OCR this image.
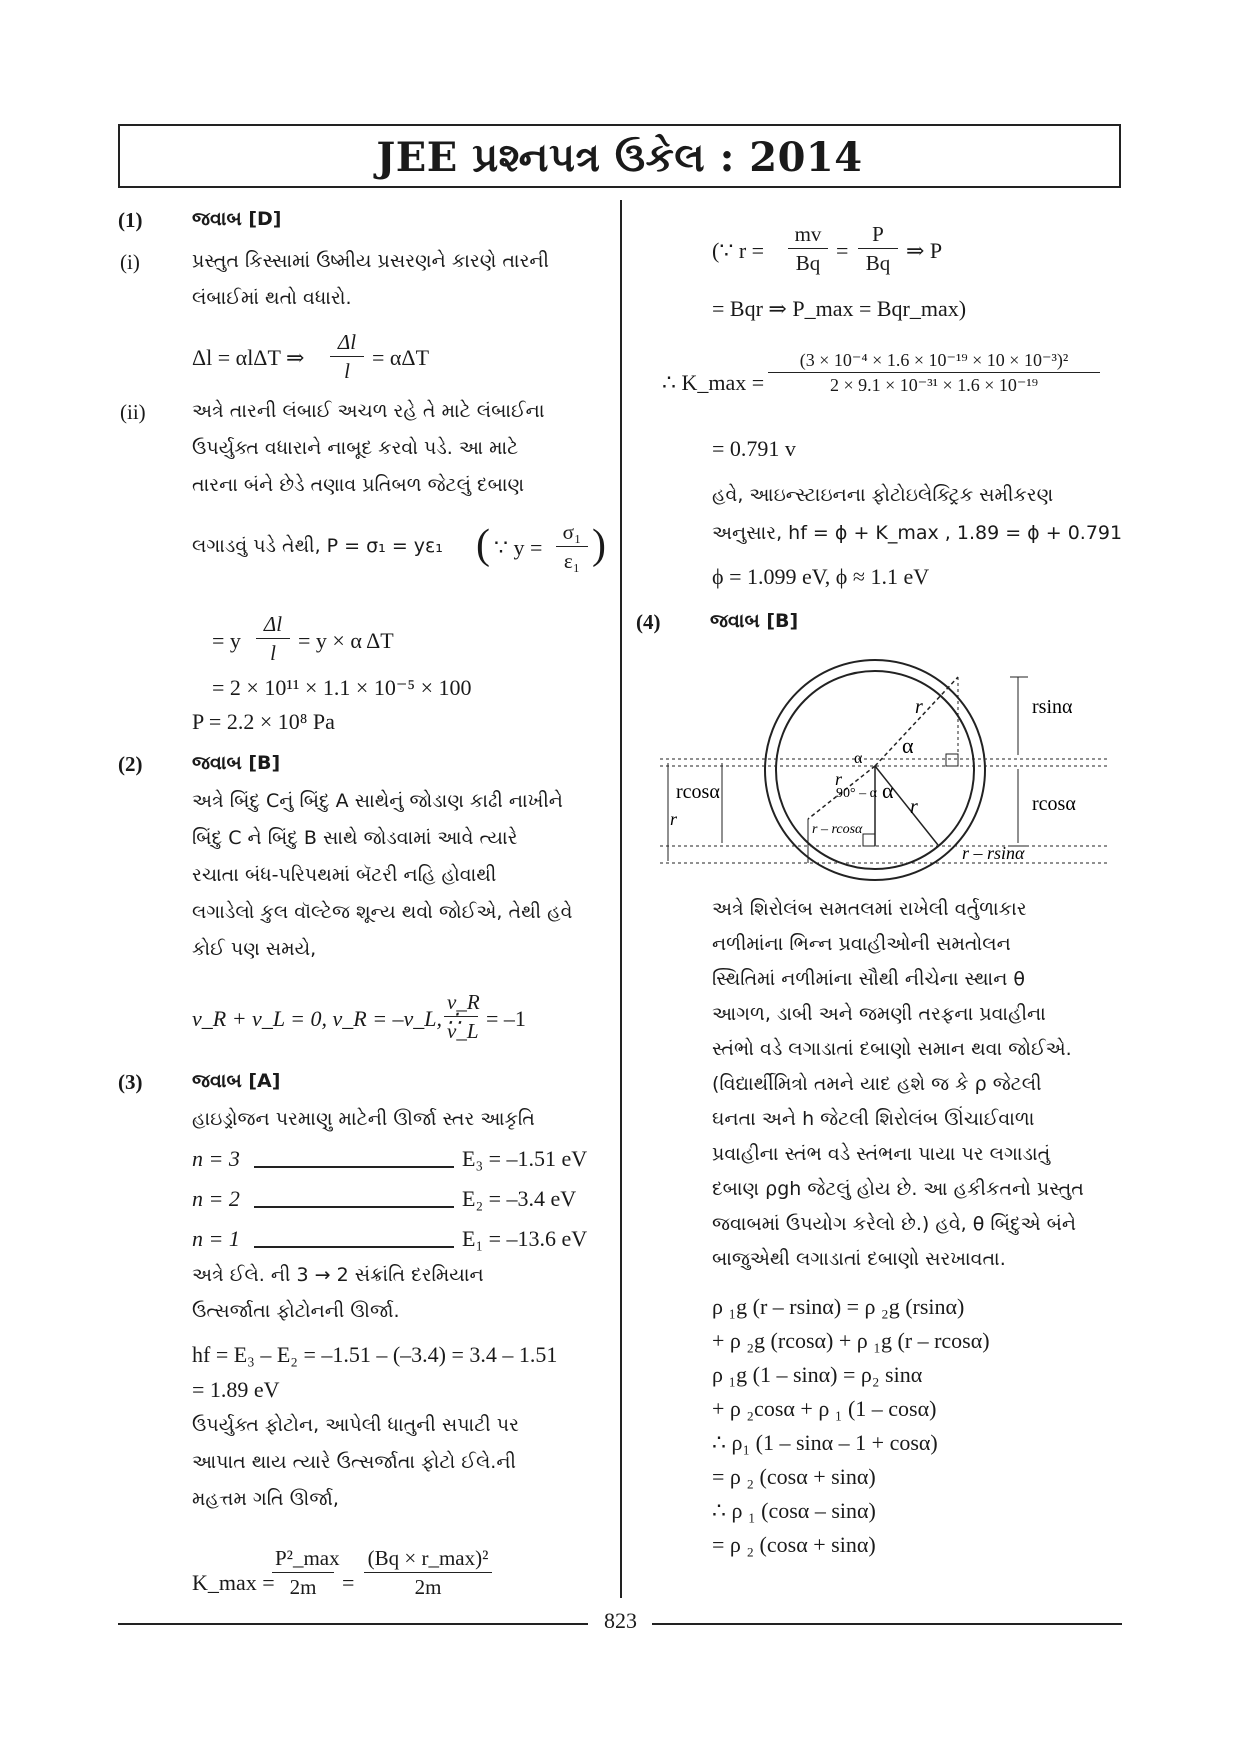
JEE પ્રશ્નપત્ર ઉકેલ : 2014
(1)	જવાબ [D]
(i)	પ્રસ્તુત કિસ્સામાં ઉષ્મીય પ્રસરણને કારણે તારની
લંબાઈમાં થતો વધારો.
Δl = αlΔT ⇒ $\frac{\Delta l}{l} = \alpha\Delta T$
(ii) અત્રે તારની લંબાઈ અચળ રહે તે માટે લંબાઈના
ઉપર્યુક્ત વધારાને નાબૂદ કરવો પડે. આ માટે
તારના બંને છેડે તણાવ પ્રતિબળ જેટલું દબાણ
લગાડવું પડે તેથી, P = σ₁ = yε₁ ( ∵ $y = \frac{\text{σ₁}}{\text{ε₁}}$ )
= y $\frac{\Delta l}{l} = y \times \alpha$ ΔT
= 2 × 10¹¹ × 1.1 × 10⁻⁵ × 100
P = 2.2 × 10⁸ Pa
(2)	જવાબ [B]
અત્રે બિંદુ Cનું બિંદુ A સાથેનું જોડાણ કાઢી નાખીને
બિંદુ C ને બિંદુ B સાથે જોડવામાં આવે ત્યારે
રચાતા બંધ-પરિપથમાં બૅટરી નહિ હોવાથી
લગાડેલો કુલ વૉલ્ટેજ શૂન્ય થવો જોઈએ, તેથી હવે
કોઈ પણ સમયે,
v_R + v_L = 0, v_R = –v_L, ∴
$\frac{v\_R}{v\_L} = -1$
(3)	જવાબ [A]
હાઇડ્રોજન પરમાણુ માટેની ઊર્જા સ્તર આકૃતિ
n = 3	E₃ = –1.51 eV
n = 2	E₂ = –3.4 eV
n = 1	E₁ = –13.6 eV
અત્રે ઈલે. ની 3 → 2 સંક્રાંતિ દરમિયાન
ઉત્સર્જાતા ફોટોનની ઊર્જા.
hf = E₃ – E₂ = –1.51 – (–3.4) = 3.4 – 1.51
= 1.89 eV
ઉપર્યુક્ત ફોટોન, આપેલી ધાતુની સપાટી પર
આપાત થાય ત્યારે ઉત્સર્જાતા ફોટો ઈલે.ની
મહત્તમ ગતિ ઊર્જા,
K_max =
P²_max
2m	=
(Bq × r_max)²
2m
(∵ $r = \frac{mv}{Bq} = \frac{P}{Bq}$ ⇒ P
= Bqr ⇒ P_max = Bqr_max)
∴ K_max = $\frac{\text{(3 × 10⁻⁴ × 1.6 × 10⁻¹⁹ × 10 × 10⁻³)²}}{\text{2 × 9.1 × 10⁻³¹ × 1.6 × 10⁻¹⁹}}$
= 0.791 v
હવે, આઇન્સ્ટાઇનના ફોટોઇલેક્ટ્રિક સમીકરણ
અનુસાર, hf = ϕ + K_max , 1.89 = ϕ + 0.791
ϕ = 1.099 eV, ϕ ≈ 1.1 eV
(4)	જવાબ [B]
rsinα
rcosα
rcosα
r – rsinα
r – rcosα
r
r
r
r
α
α
90° – α
α
અત્રે શિરોલંબ સમતલમાં રાખેલી વર્તુળાકાર
નળીમાંના ભિન્ન પ્રવાહીઓની સમતોલન
સ્થિતિમાં નળીમાંના સૌથી નીચેના સ્થાન θ
આગળ, ડાબી અને જમણી તરફના પ્રવાહીના
સ્તંભો વડે લગાડાતાં દબાણો સમાન થવા જોઈએ.
(વિદ્યાર્થીમિત્રો તમને યાદ હશે જ કે ρ જેટલી
ઘનતા અને h જેટલી શિરોલંબ ઊંચાઈવાળા
પ્રવાહીના સ્તંભ વડે સ્તંભના પાયા પર લગાડાતું
દબાણ ρgh જેટલું હોય છે. આ હકીકતનો પ્રસ્તુત
જવાબમાં ઉપયોગ કરેલો છે.) હવે, θ બિંદુએ બંને
બાજુએથી લગાડાતાં દબાણો સરખાવતા.
ρ ₁g (r – rsinα) = ρ ₂g (rsinα)
+ ρ ₂g (rcosα) + ρ ₁g (r – rcosα)
ρ ₁g (1 – sinα) = ρ₂ sinα
+ ρ ₂cosα + ρ ₁ (1 – cosα)
∴ ρ₁ (1 – sinα – 1 + cosα)
= ρ ₂ (cosα + sinα)
∴ ρ ₁ (cosα – sinα)
= ρ ₂ (cosα + sinα)
823
